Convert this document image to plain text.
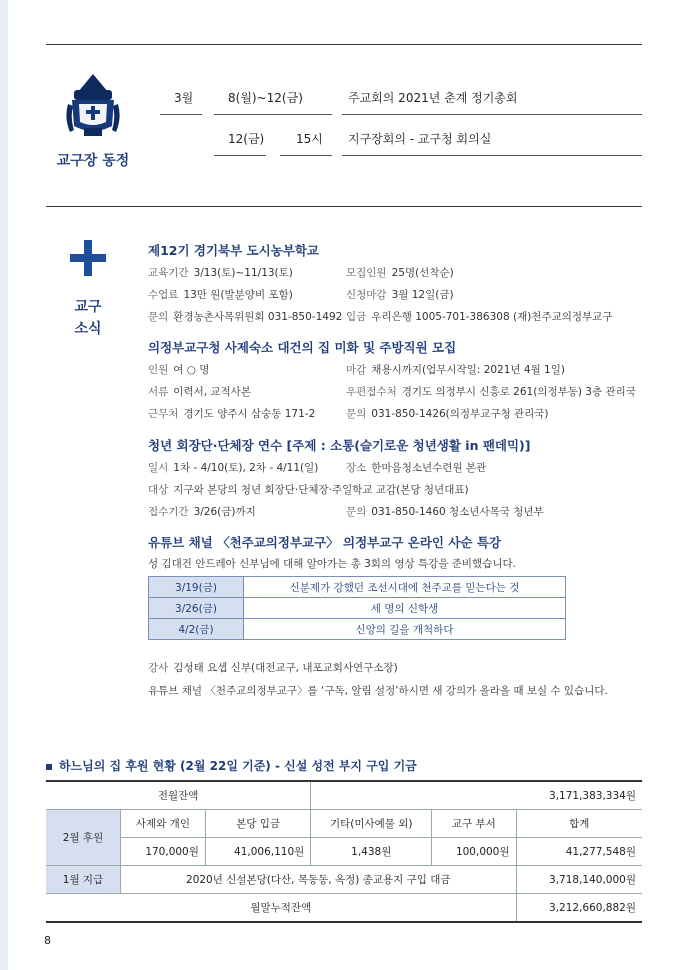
교구장 동정
3월	8(월)~12(금)	주교회의 2021년 춘계 정기총회
12(금)	15시 지구장회의 - 교구청 회의실
교구
소식
제12기 경기북부 도시농부학교
교육기간 3/13(토)~11/13(토)	모집인원 25명(선착순)
수업료 13만 원(발분양비 포함)	신청마감 3월 12일(금)
문의 환경농촌사목위원회 031-850-1492 입금 우리은행 1005-701-386308 (재)천주교의정부교구
의정부교구청 사제숙소 대건의 집 미화 및 주방직원 모집
인원 여 ○ 명	마감 채용시까지(업무시작일: 2021년 4월 1일)
서류 이력서, 교적사본	우편접수처 경기도 의정부시 신흥로 261(의정부동) 3층 관리국
근무처 경기도 양주시 삼숭동 171-2	문의 031-850-1426(의정부교구청 관리국)
청년 회장단·단체장 연수 [주제 : 소통(슬기로운 청년생활 in 팬데믹)]
일시 1차 - 4/10(토), 2차 - 4/11(일)	장소 한마음청소년수련원 본관
대상 지구와 본당의 청년 회장단·단체장·주일학교 교감(본당 청년대표)
접수기간 3/26(금)까지	문의 031-850-1460 청소년사목국 청년부
유튜브 채널 〈천주교의정부교구〉 의정부교구 온라인 사순 특강
성 김대건 안드레아 신부님에 대해 알아가는 총 3회의 영상 특강을 준비했습니다.
3/19(금)	신분제가 강했던 조선시대에 천주교를 믿는다는 것
3/26(금)	세 명의 신학생
4/2(금)	신앙의 길을 개척하다
강사 김성태 요셉 신부(대전교구, 내포교회사연구소장)
유튜브 채널 〈천주교의정부교구〉를 ‘구독, 알림 설정’하시면 새 강의가 올라올 때 보실 수 있습니다.
하느님의 집 후원 현황 (2월 22일 기준) - 신설 성전 부지 구입 기금
전월잔액			3,171,383,334원		
2월 후원	사제와 개인	본당 입금	기타(미사예물 외)	교구 부서	합계
	170,000원	41,006,110원	1,438원	100,000원	41,277,548원
1월 지급	2020년 신설본당(다산, 목동동, 옥정) 종교용지 구입 대금				3,718,140,000원
월말누적잔액					3,212,660,882원
8
